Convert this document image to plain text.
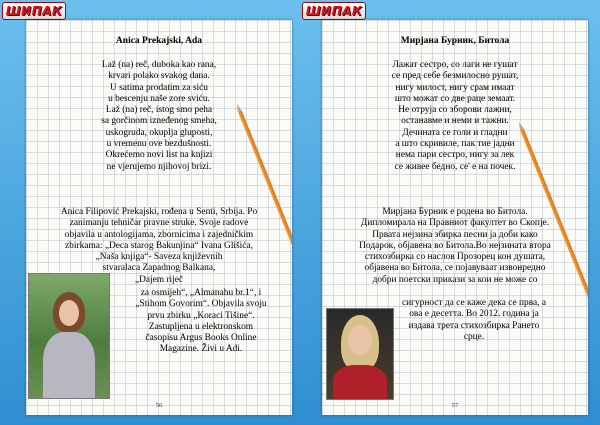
ШИПАК	ШИПАК
Anica Prekajski, Ada
Laž (na) reč, duboka kao rana,
krvari polako svakog dana.
U satima prodatim za siću
u bescenju naše zore sviću.
Laž (na) reč, istog smo peha
sa gorčinom izneđenog smeha,
uskogruda, okuplja gluposti,
u vremenu ove bezdušnosti.
Okrećemo novi list na knjizi
ne vjerujemo njihovoj brizi.
Anica Filipović Prekajski, rođena u Senti, Srbija. Po
zanimanju tehničar pravne struke. Svoje radove
objavila u antologijama, zbornicima i zajedničkim
zbirkama: „Deca starog Bakunjina“ Ivana Glišića,
„Naša knjiga“- Saveza književnih
stvaralaca Zapadnog Balkana,
„Dajem riječ
za osmijeh“, „Almanahu br.1“, i
„Stihom Govorim“. Objavila svoju
prvu zbirku „Koraci Tišine“.
Zastupljena u elektronskom
časopisu Argus Books Online
Magazine. Živi u Adi.
56
Мирјана Бурник, Битола
Лажат сестро, со лаги не гушат
се пред себе безмилосно рушат,
нигу милост, нигу срам имаат
што можат со две раце земаат.
Не отруја со зборови лажни,
останавме и неми и тажни.
Дечината се голи и гладни
а што скривиле, пак тие јадни
нема пари сестро, нигу за лек
се живее бедно, се' е на почек.
Мирјана Бурник е родена во Битола.
Дипломирала на Правниот факултет во Скопје.
Првата нејзина збирка песни ја доби како
Подарок, објавена во Битола.Во нејзината втора
стихозбирка со наслов Прозорец кон душата,
објавена во Битола, се појавуваат извонредно
добри поетски прикази за кои не може со
сигурност да се каже дека се прва, а
ова е десетта. Во 2012. година ја
издава трета стихозбирка Рането
срце.
57
